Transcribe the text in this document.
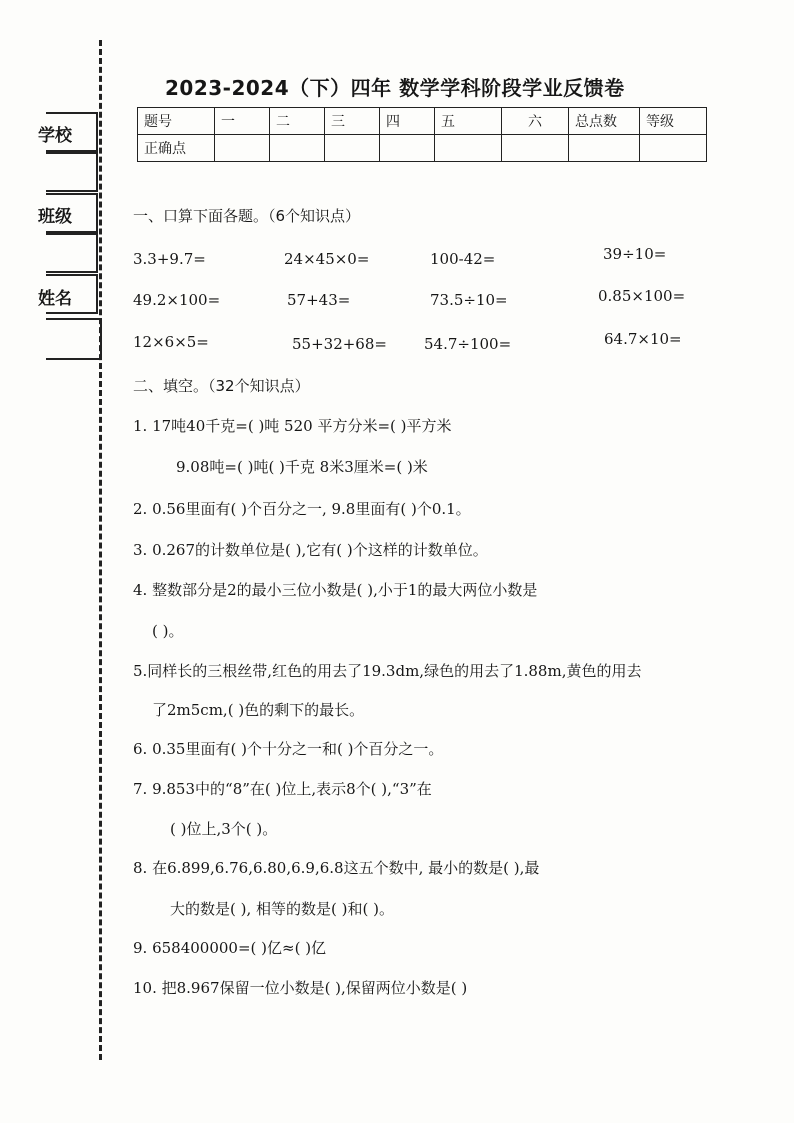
学校
班级
姓名
2023-2024（下）四年 数学学科阶段学业反馈卷
题号	一	二	三	四	五	六	总点数	等级
正确点								
一、口算下面各题。（6个知识点）
3.3+9.7=	24×45×0=	100-42=	39÷10=
49.2×100=	57+43=	73.5÷10=	0.85×100=
12×6×5=	55+32+68= 54.7÷100=	64.7×10=
二、填空。（32个知识点）
1. 17吨40千克=( )吨 520 平方分米=( )平方米
9.08吨=( )吨( )千克 8米3厘米=( )米
2. 0.56里面有( )个百分之一, 9.8里面有( )个0.1。
3. 0.267的计数单位是( ),它有( )个这样的计数单位。
4. 整数部分是2的最小三位小数是( ),小于1的最大两位小数是
( )。
5.同样长的三根丝带,红色的用去了19.3dm,绿色的用去了1.88m,黄色的用去
了2m5cm,( )色的剩下的最长。
6. 0.35里面有( )个十分之一和( )个百分之一。
7. 9.853中的“8”在( )位上,表示8个( ),“3”在
( )位上,3个( )。
8. 在6.899,6.76,6.80,6.9,6.8这五个数中, 最小的数是( ),最
大的数是( ), 相等的数是( )和( )。
9. 658400000=( )亿≈( )亿
10. 把8.967保留一位小数是( ),保留两位小数是( )
